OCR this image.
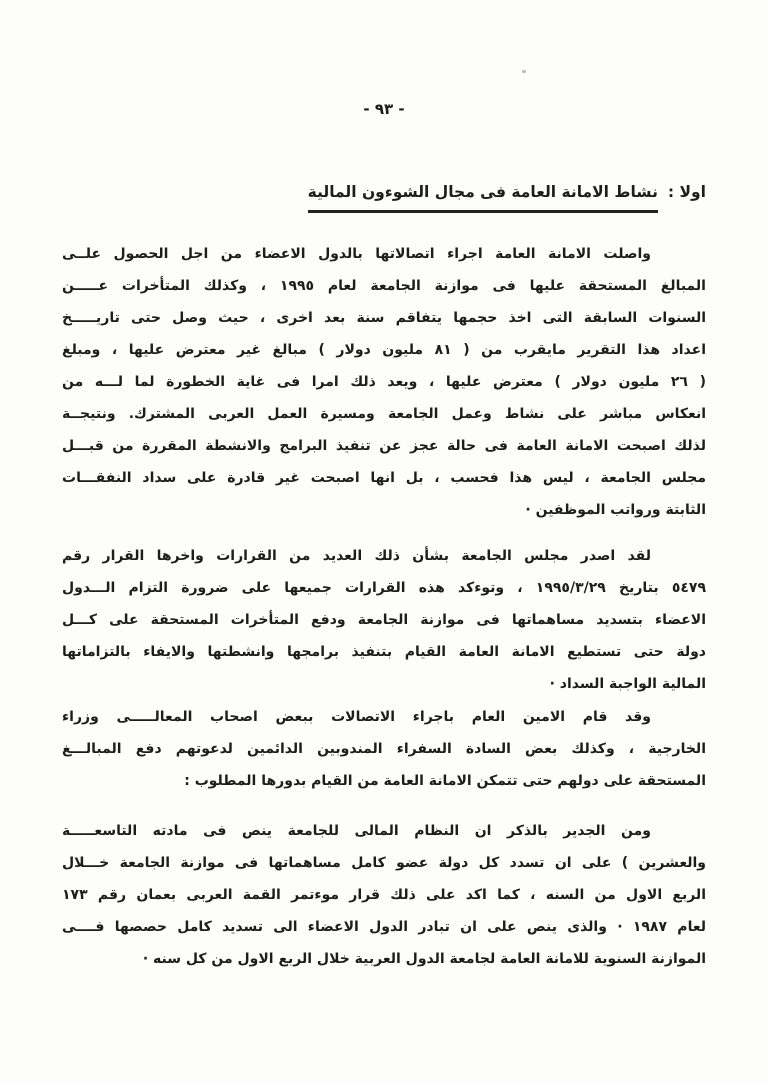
- ٩٣ -
اولا :نشاط الامانة العامة فى مجال الشوءون المالية
واصلت الامانة العامة اجراء اتصالاتها بالدول الاعضاء من اجل الحصول علــى
المبالغ المستحقة عليها فى موازنة الجامعة لعام ١٩٩٥ ، وكذلك المتأخرات عـــــن
السنوات السابقة التى اخذ حجمها يتفاقم سنة بعد اخرى ، حيث وصل حتى تاريـــــخ
اعداد هذا التقرير مايقرب من ( ٨١ مليون دولار ) مبالغ غير معترض عليها ، ومبلغ
( ٢٦ مليون دولار ) معترض عليها ، ويعد ذلك امرا فى غاية الخطورة لما لـــه من
انعكاس مباشر على نشاط وعمل الجامعة ومسيرة العمل العربى المشترك. ونتيجــة
لذلك اصبحت الامانة العامة فى حالة عجز عن تنفيذ البرامج والانشطة المقررة من قبـــل
مجلس الجامعة ، ليس هذا فحسب ، بل انها اصبحت غير قادرة على سداد النفقـــات
الثابتة ورواتب الموظفين ·
لقد اصدر مجلس الجامعة بشأن ذلك العديد من القرارات واخرها القرار رقم
٥٤٧٩ بتاريخ ١٩٩٥/٣/٢٩ ، وتوءكد هذه القرارات جميعها على ضرورة التزام الـــدول
الاعضاء بتسديد مساهماتها فى موازنة الجامعة ودفع المتأخرات المستحقة على كـــل
دولة حتى تستطيع الامانة العامة القيام بتنفيذ برامجها وانشطتها والايفاء بالتزاماتها
المالية الواجبة السداد ·
وقد قام الامين العام باجراء الاتصالات ببعض اصحاب المعالـــــى وزراء
الخارجية ، وكذلك بعض السادة السفراء المندوبين الدائمين لدعوتهم دفع المبالـــغ
المستحقة على دولهم حتى تتمكن الامانة العامة من القيام بدورها المطلوب :
ومن الجدير بالذكر ان النظام المالى للجامعة ينص فى مادته التاسعـــــة
والعشرين ) على ان تسدد كل دولة عضو كامل مساهماتها فى موازنة الجامعة خـــلال
الربع الاول من السنه ، كما اكد على ذلك قرار موءتمر القمة العربى بعمان رقم ١٧٣
لعام ١٩٨٧ · والذى ينص على ان تبادر الدول الاعضاء الى تسديد كامل حصصها فــــى
الموازنة السنوية للامانة العامة لجامعة الدول العربية خلال الربع الاول من كل سنه ·
